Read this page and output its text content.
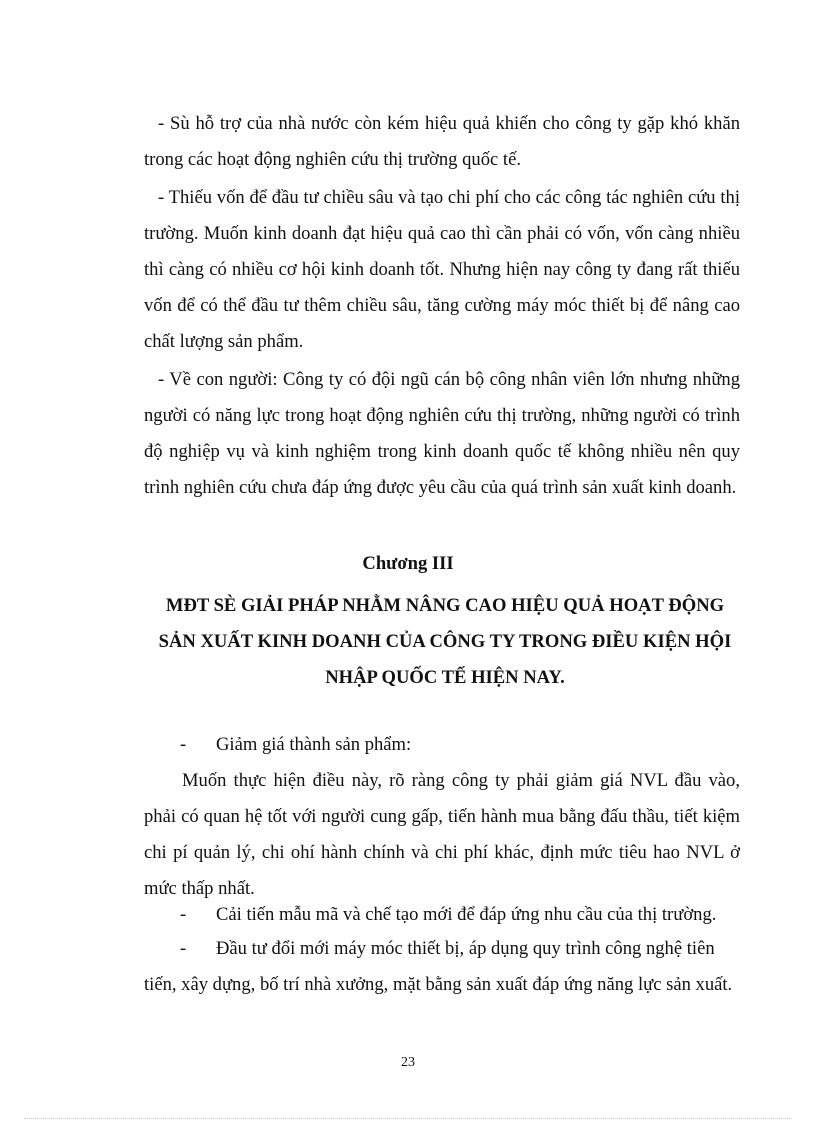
- Sù hỗ trợ của nhà nước còn kém hiệu quả khiến cho công ty gặp khó khăn trong các hoạt động nghiên cứu thị trường quốc tế.

- Thiếu vốn để đầu tư chiều sâu và tạo chi phí cho các công tác nghiên cứu thị trường. Muốn kinh doanh đạt hiệu quả cao thì cần phải có vốn, vốn càng nhiều thì càng có nhiều cơ hội kinh doanh tốt. Nhưng hiện nay công ty đang rất thiếu vốn để có thể đầu tư thêm chiều sâu, tăng cường máy móc thiết bị để nâng cao chất lượng sản phẩm.

- Về con người: Công ty có đội ngũ cán bộ công nhân viên lớn nhưng những người có năng lực trong hoạt động nghiên cứu thị trường, những người có trình độ nghiệp vụ và kinh nghiệm trong kinh doanh quốc tế không nhiều nên quy trình nghiên cứu chưa đáp ứng được yêu cầu của quá trình sản xuất kinh doanh.

Chương III

MÐT SÈ GIẢI PHÁP NHẰM NÂNG CAO HIỆU QUẢ HOẠT ĐỘNG
SẢN XUẤT KINH DOANH CỦA CÔNG TY TRONG ĐIỀU KIỆN HỘI
NHẬP QUỐC TẾ HIỆN NAY.

- Giảm giá thành sản phẩm:

Muốn thực hiện điều này, rõ ràng công ty phải giảm giá NVL đầu vào, phải có quan hệ tốt với người cung gấp, tiến hành mua bằng đấu thầu, tiết kiệm chi pí quản lý, chi ohí hành chính và chi phí khác, định mức tiêu hao NVL ở mức thấp nhất.

- Cải tiến mẫu mã và chế tạo mới để đáp ứng nhu cầu của thị trường.

- Đầu tư đổi mới máy móc thiết bị, áp dụng quy trình công nghệ tiên

tiến, xây dựng, bố trí nhà xưởng, mặt bằng sản xuất đáp ứng năng lực sản xuất.

23
